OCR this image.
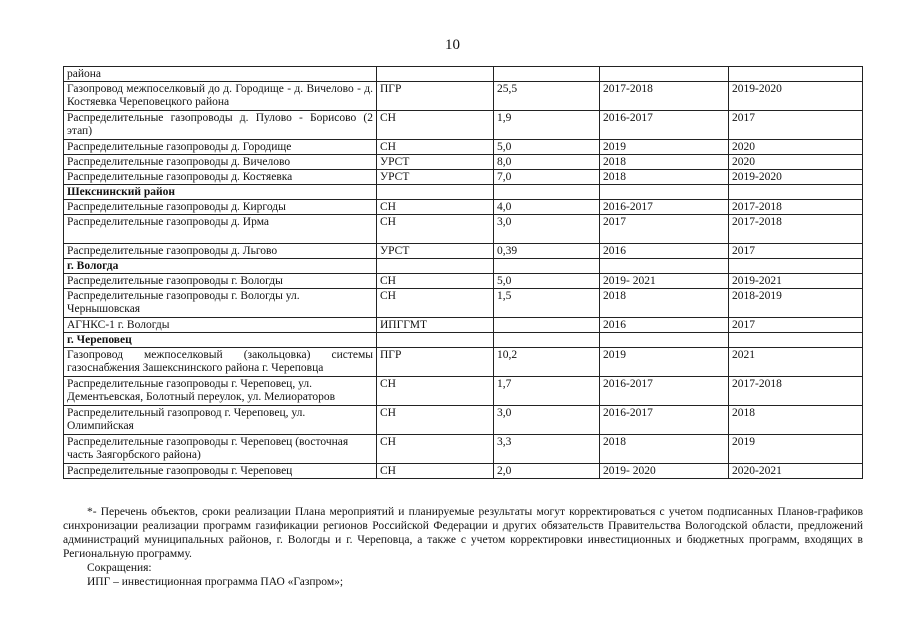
10
района				
Газопровод межпоселковый до д. Городище - д. Вичелово - д. Костяевка Череповецкого района	ПГР	25,5	2017-2018	2019-2020
Распределительные газопроводы д. Пулово - Борисово (2 этап)	СН	1,9	2016-2017	2017
Распределительные газопроводы д. Городище	СН	5,0	2019	2020
Распределительные газопроводы д. Вичелово	УРСТ	8,0	2018	2020
Распределительные газопроводы д. Костяевка	УРСТ	7,0	2018	2019-2020
Шекснинский район				
Распределительные газопроводы д. Киргоды	СН	4,0	2016-2017	2017-2018
Распределительные газопроводы д. Ирма	СН	3,0	2017	2017-2018
Распределительные газопроводы д. Льгово	УРСТ	0,39	2016	2017
г. Вологда				
Распределительные газопроводы г. Вологды	СН	5,0	2019- 2021	2019-2021
Распределительные газопроводы г. Вологды ул. Чернышовская	СН	1,5	2018	2018-2019
АГНКС-1 г. Вологды	ИПГГМТ		2016	2017
г. Череповец				
Газопровод межпоселковый (закольцовка) системы газоснабжения Зашекснинского района г. Череповца	ПГР	10,2	2019	2021
Распределительные газопроводы г. Череповец, ул. Дементьевская, Болотный переулок, ул. Мелиораторов	СН	1,7	2016-2017	2017-2018
Распределительный газопровод г. Череповец, ул. Олимпийская	СН	3,0	2016-2017	2018
Распределительные газопроводы г. Череповец (восточная часть Заягорбского района)	СН	3,3	2018	2019
Распределительные газопроводы г. Череповец	СН	2,0	2019- 2020	2020-2021

*- Перечень объектов, сроки реализации Плана мероприятий и планируемые результаты могут корректироваться с учетом подписанных Планов-графиков синхронизации реализации программ газификации регионов Российской Федерации и других обязательств Правительства Вологодской области, предложений администраций муниципальных районов, г. Вологды и г. Череповца, а также с учетом корректировки инвестиционных и бюджетных программ, входящих в Региональную программу.

Сокращения:

ИПГ – инвестиционная программа ПАО «Газпром»;
